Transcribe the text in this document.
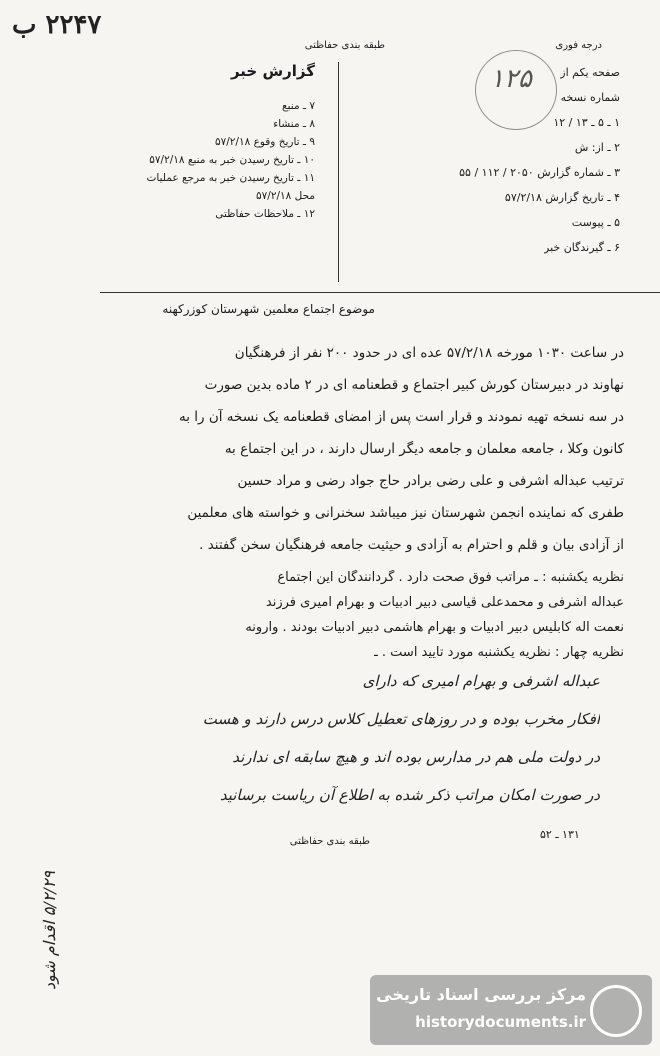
۲۲۴۷ ب
درجه فوری
طبقه بندی حفاظتی
گزارش خبر	۱۲۵	صفحه یکم از
شماره نسخه
۱ ـ ۵ ـ ۱۳ / ۱۲
۲ ـ از: ش
۳ ـ شماره گزارش ۲۰۵۰ / ۱۱۲ / ۵۵
۴ ـ تاریخ گزارش ۵۷/۲/۱۸
۵ ـ پیوست
۶ ـ گیرندگان خبر
۷ ـ منبع
۸ ـ منشاء
۹ ـ تاریخ وقوع ۵۷/۲/۱۸
۱۰ ـ تاریخ رسیدن خبر به منبع ۵۷/۲/۱۸
۱۱ ـ تاریخ رسیدن خبر به مرجع عملیات
محل ۵۷/۲/۱۸
۱۲ ـ ملاحظات حفاظتی
موضوع اجتماع معلمین شهرستان کوزرکهنه
در ساعت ۱۰۳۰ مورخه ۵۷/۲/۱۸ عده ای در حدود ۲۰۰ نفر از فرهنگیان
نهاوند در دبیرستان کورش کبیر اجتماع و قطعنامه ای در ۲ ماده بدین صورت
در سه نسخه تهیه نمودند و قرار است پس از امضای قطعنامه یک نسخه آن را به
کانون وکلا ، جامعه معلمان و جامعه دیگر ارسال دارند ، در این اجتماع به
ترتیب عبداله اشرفی و علی رضی برادر حاج جواد رضی و مراد حسین
طفری که نماینده انجمن شهرستان نیز میباشد سخنرانی و خواسته های معلمین
از آزادی بیان و قلم و احترام به آزادی و حیثیت جامعه فرهنگیان سخن گفتند .
نظریه یکشنبه : ـ مراتب فوق صحت دارد . گردانندگان این اجتماع
عبداله اشرفی و محمدعلی قیاسی دبیر ادبیات و بهرام امیری فرزند
نعمت اله کابلیس دبیر ادبیات و بهرام هاشمی دبیر ادبیات بودند . وارونه
نظریه چهار : نظریه یکشنبه مورد تایید است . ـ
عبداله اشرفی و بهرام امیری که دارای
افکار مخرب بوده و در روزهای تعطیل کلاس درس دارند و هست
در دولت ملی هم در مدارس بوده اند و هیچ سابقه ای ندارند
در صورت امکان مراتب ذکر شده به اطلاع آن ریاست برسانید
طبقه بندی حفاظتی
۱۳۱ ـ ۵۲
۵/۲/۲۹ اقدام شود
مرکز بررسی اسناد تاریخی
historydocuments.ir
